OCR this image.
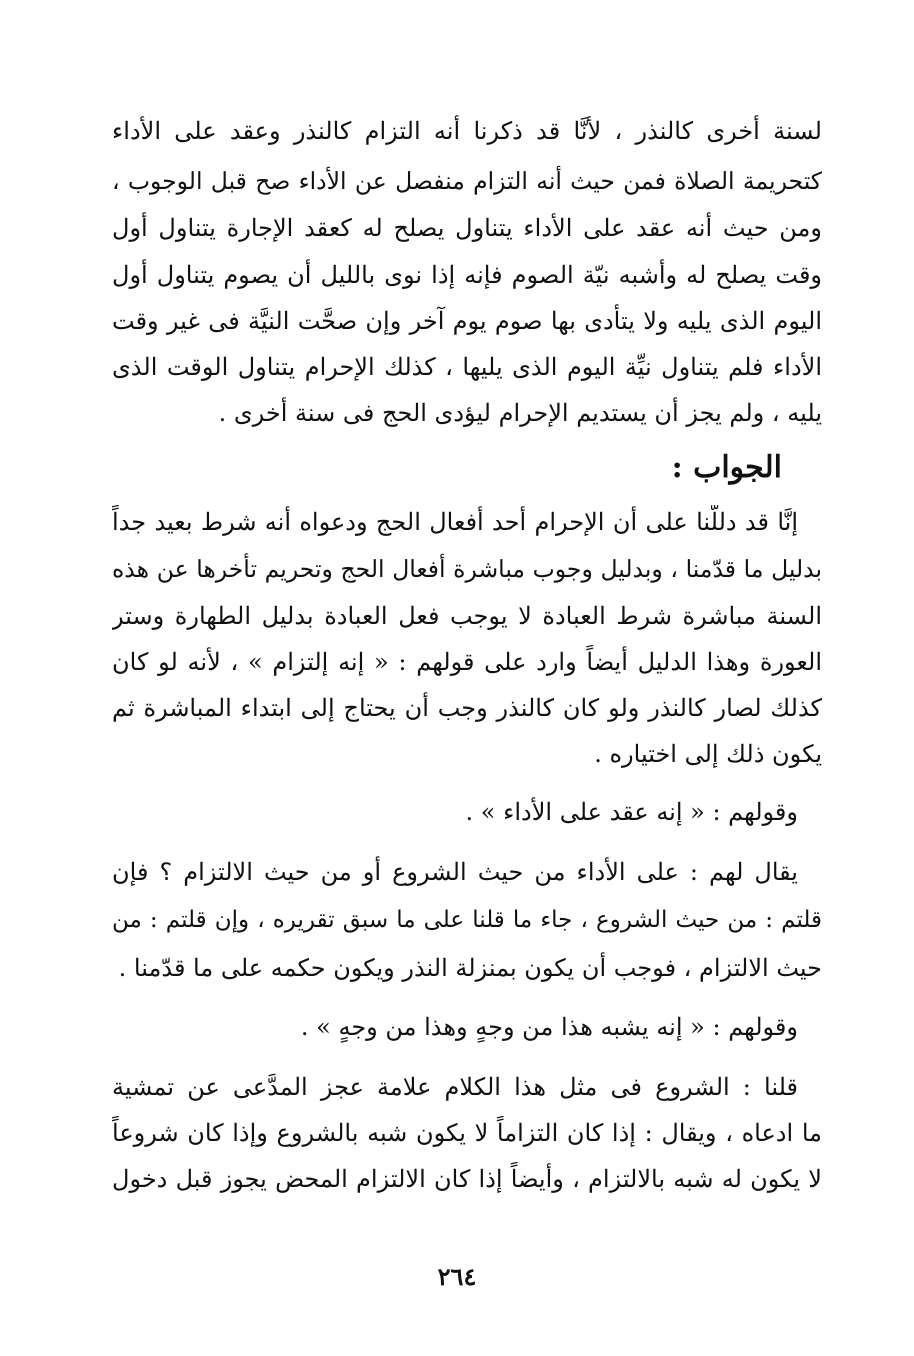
لسنة أخرى كالنذر ، لأنَّا قد ذكرنا أنه التزام كالنذر وعقد على الأداء
كتحريمة الصلاة فمن حيث أنه التزام منفصل عن الأداء صح قبل الوجوب ،
ومن حيث أنه عقد على الأداء يتناول يصلح له كعقد الإجارة يتناول أول
وقت يصلح له وأشبه نيّة الصوم فإنه إذا نوى بالليل أن يصوم يتناول أول
اليوم الذى يليه ولا يتأدى بها صوم يوم آخر وإن صحَّت النيَّة فى غير وقت
الأداء فلم يتناول نيِّة اليوم الذى يليها ، كذلك الإحرام يتناول الوقت الذى
يليه ، ولم يجز أن يستديم الإحرام ليؤدى الحج فى سنة أخرى .
الجواب :
إنَّا قد دللّنا على أن الإحرام أحد أفعال الحج ودعواه أنه شرط بعيد جداً
بدليل ما قدّمنا ، وبدليل وجوب مباشرة أفعال الحج وتحريم تأخرها عن هذه
السنة مباشرة شرط العبادة لا يوجب فعل العبادة بدليل الطهارة وستر
العورة وهذا الدليل أيضاً وارد على قولهم : « إنه إلتزام » ، لأنه لو كان
كذلك لصار كالنذر ولو كان كالنذر وجب أن يحتاج إلى ابتداء المباشرة ثم
يكون ذلك إلى اختياره .
وقولهم : « إنه عقد على الأداء » .
يقال لهم : على الأداء من حيث الشروع أو من حيث الالتزام ؟ فإن
قلتم : من حيث الشروع ، جاء ما قلنا على ما سبق تقريره ، وإن قلتم : من
حيث الالتزام ، فوجب أن يكون بمنزلة النذر ويكون حكمه على ما قدّمنا .
وقولهم : « إنه يشبه هذا من وجهٍ وهذا من وجهٍ » .
قلنا : الشروع فى مثل هذا الكلام علامة عجز المدَّعى عن تمشية
ما ادعاه ، ويقال : إذا كان التزاماً لا يكون شبه بالشروع وإذا كان شروعاً
لا يكون له شبه بالالتزام ، وأيضاً إذا كان الالتزام المحض يجوز قبل دخول
٢٦٤
